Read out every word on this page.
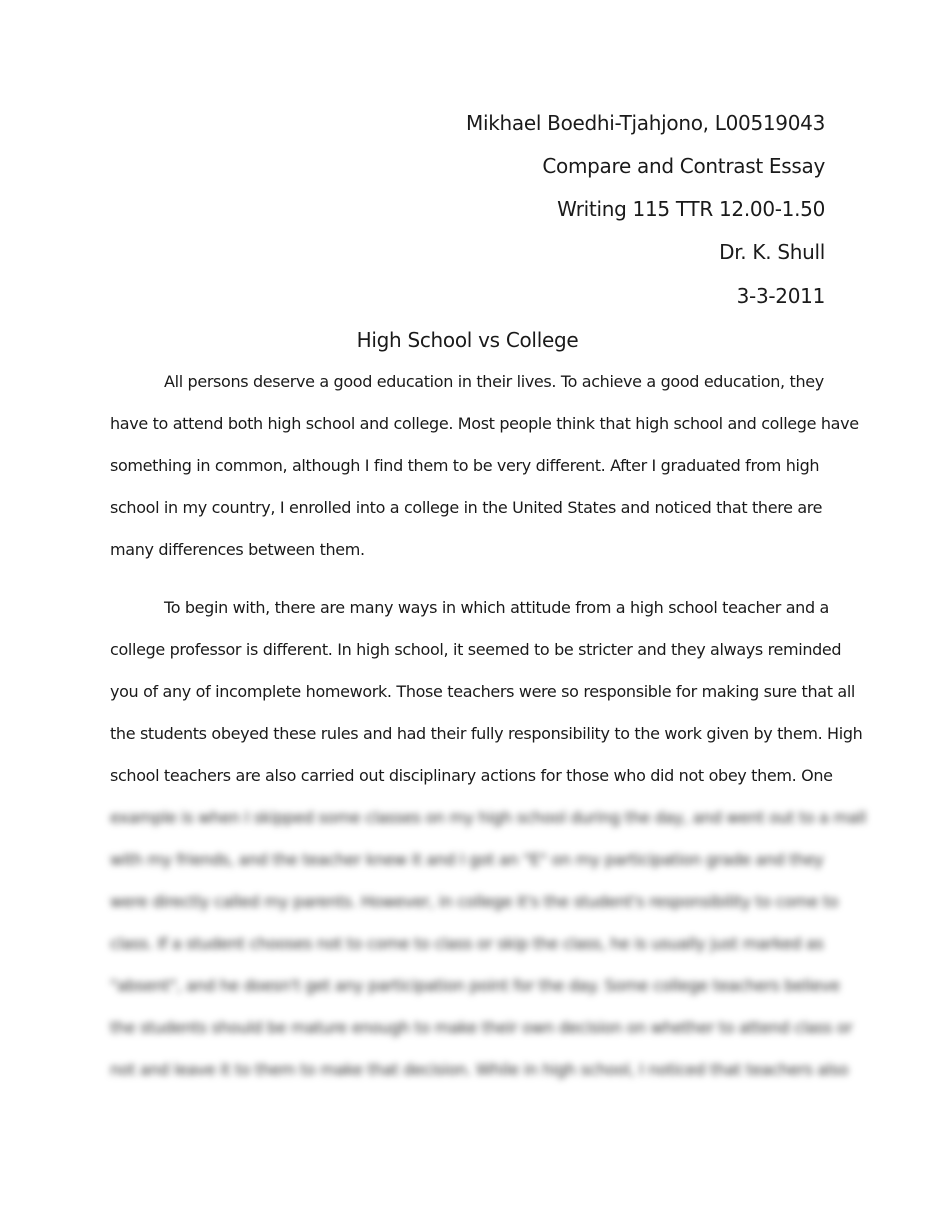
Mikhael Boedhi-Tjahjono, L00519043
Compare and Contrast Essay
Writing 115 TTR 12.00-1.50
Dr. K. Shull
3-3-2011
High School vs College
All persons deserve a good education in their lives. To achieve a good education, they
have to attend both high school and college. Most people think that high school and college have
something in common, although I find them to be very different. After I graduated from high
school in my country, I enrolled into a college in the United States and noticed that there are
many differences between them.
To begin with, there are many ways in which attitude from a high school teacher and a
college professor is different. In high school, it seemed to be stricter and they always reminded
you of any of incomplete homework. Those teachers were so responsible for making sure that all
the students obeyed these rules and had their fully responsibility to the work given by them. High
school teachers are also carried out disciplinary actions for those who did not obey them. One
example is when I skipped some classes on my high school during the day, and went out to a mall
with my friends, and the teacher knew it and I got an "E" on my participation grade and they
were directly called my parents. However, in college it's the student's responsibility to come to
class. If a student chooses not to come to class or skip the class, he is usually just marked as
"absent", and he doesn't get any participation point for the day. Some college teachers believe
the students should be mature enough to make their own decision on whether to attend class or
not and leave it to them to make that decision. While in high school, I noticed that teachers also
